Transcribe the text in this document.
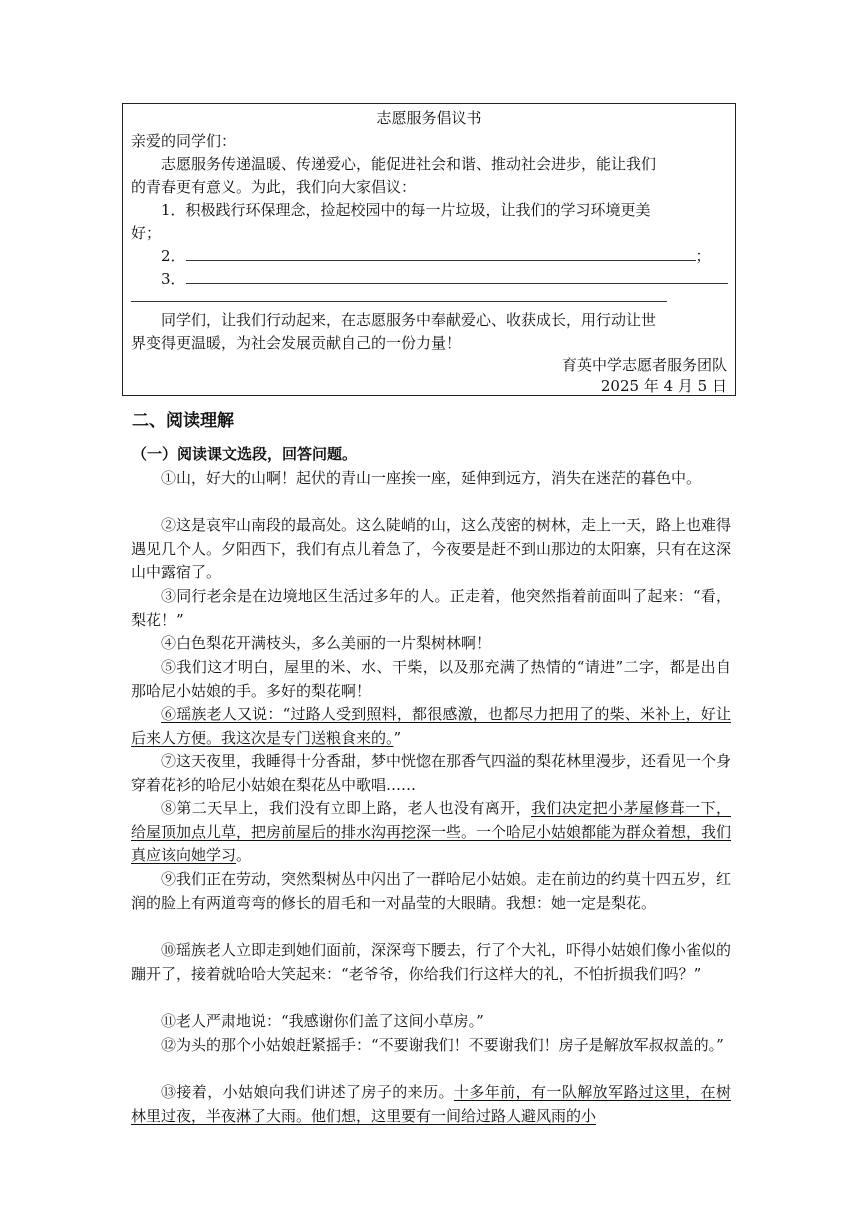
志愿服务倡议书
亲爱的同学们：
志愿服务传递温暖、传递爱心，能促进社会和谐、推动社会进步，能让我们
的青春更有意义。为此，我们向大家倡议：
1．积极践行环保理念，捡起校园中的每一片垃圾，让我们的学习环境更美
好；
2．	；
3．
同学们，让我们行动起来，在志愿服务中奉献爱心、收获成长，用行动让世
界变得更温暖，为社会发展贡献自己的一份力量！
育英中学志愿者服务团队
2025 年 4 月 5 日
二、阅读理解
（一）阅读课文选段，回答问题。

①山，好大的山啊！起伏的青山一座挨一座，延伸到远方，消失在迷茫的暮色中。

②这是哀牢山南段的最高处。这么陡峭的山，这么茂密的树林，走上一天，路上也难得遇见几个人。夕阳西下，我们有点儿着急了，今夜要是赶不到山那边的太阳寨，只有在这深山中露宿了。

③同行老余是在边境地区生活过多年的人。正走着，他突然指着前面叫了起来：“看，梨花！”

④白色梨花开满枝头，多么美丽的一片梨树林啊！

⑤我们这才明白，屋里的米、水、干柴，以及那充满了热情的“请进”二字，都是出自那哈尼小姑娘的手。多好的梨花啊！

⑥瑶族老人又说：“过路人受到照料，都很感激，也都尽力把用了的柴、米补上，好让后来人方便。我这次是专门送粮食来的。”

⑦这天夜里，我睡得十分香甜，梦中恍惚在那香气四溢的梨花林里漫步，还看见一个身穿着花衫的哈尼小姑娘在梨花丛中歌唱……

⑧第二天早上，我们没有立即上路，老人也没有离开，我们决定把小茅屋修葺一下，给屋顶加点儿草，把房前屋后的排水沟再挖深一些。一个哈尼小姑娘都能为群众着想，我们真应该向她学习。

⑨我们正在劳动，突然梨树丛中闪出了一群哈尼小姑娘。走在前边的约莫十四五岁，红润的脸上有两道弯弯的修长的眉毛和一对晶莹的大眼睛。我想：她一定是梨花。

⑩瑶族老人立即走到她们面前，深深弯下腰去，行了个大礼，吓得小姑娘们像小雀似的蹦开了，接着就哈哈大笑起来：“老爷爷，你给我们行这样大的礼，不怕折损我们吗？”

⑪老人严肃地说：“我感谢你们盖了这间小草房。”

⑫为头的那个小姑娘赶紧摇手：“不要谢我们！不要谢我们！房子是解放军叔叔盖的。”

⑬接着，小姑娘向我们讲述了房子的来历。十多年前，有一队解放军路过这里，在树林里过夜，半夜淋了大雨。他们想，这里要有一间给过路人避风雨的小
